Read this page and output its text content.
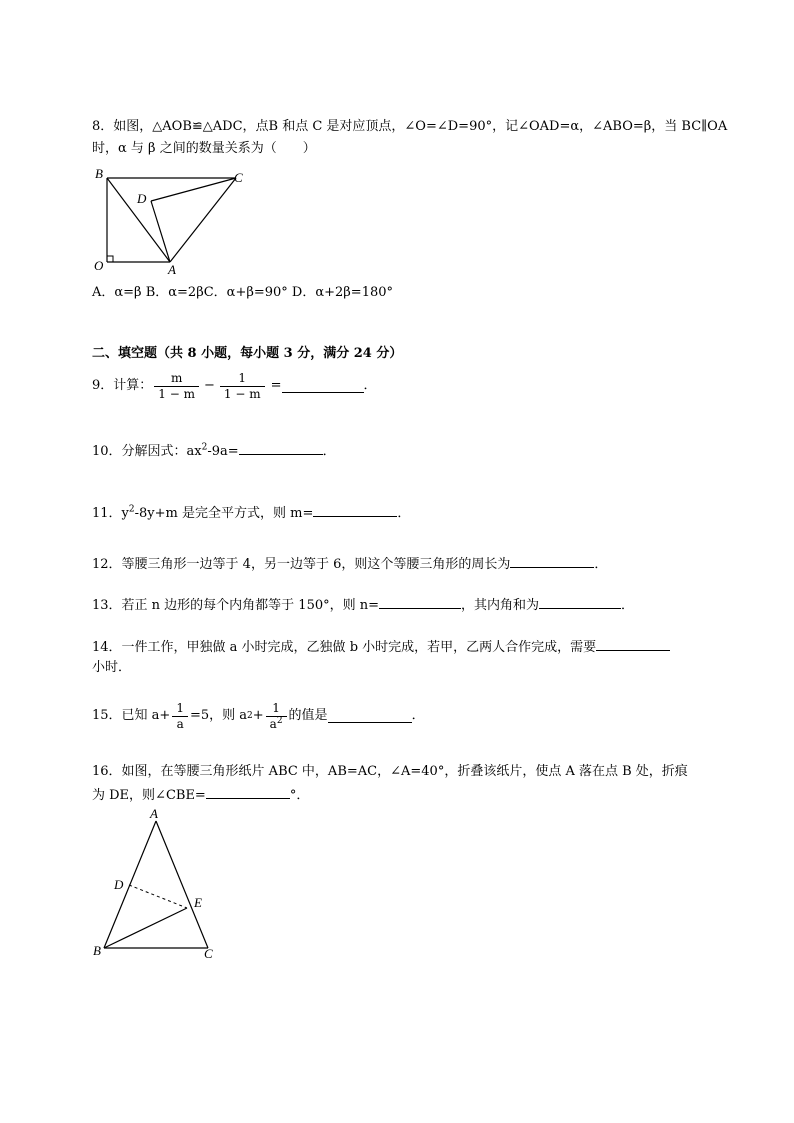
8．如图，△AOB≌△ADC，点B 和点 C 是对应顶点，∠O=∠D=90°，记∠OAD=α，∠ABO=β，当 BC∥OA
时，α 与 β 之间的数量关系为（　　）
B	C
D
O	A
A．α=β B．α=2βC．α+β=90° D．α+2β=180°
二、填空题（共 8 小题，每小题 3 分，满分 24 分）
9．计算： $\frac{m}{1 - m} - \frac{1}{1 - m}$ =	．
10．分解因式：$ax^2-9a=$	．
11．$y^2-8y+m$ 是完全平方式，则 m=	．
12．等腰三角形一边等于 4，另一边等于 6，则这个等腰三角形的周长为	．
13．若正 n 边形的每个内角都等于 150°，则 n=	，其内角和为	．
14．一件工作，甲独做 a 小时完成，乙独做 b 小时完成，若甲，乙两人合作完成，需要
小时．
15．已知 $a+ \frac{1}{a} =5$，则 a $2 + \frac{1}{a^2}$ 的值是	．
16．如图，在等腰三角形纸片 ABC 中，AB=AC，∠A=40°，折叠该纸片，使点 A 落在点 B 处，折痕
为 DE，则∠CBE=	°．
A
B	C
D
E
